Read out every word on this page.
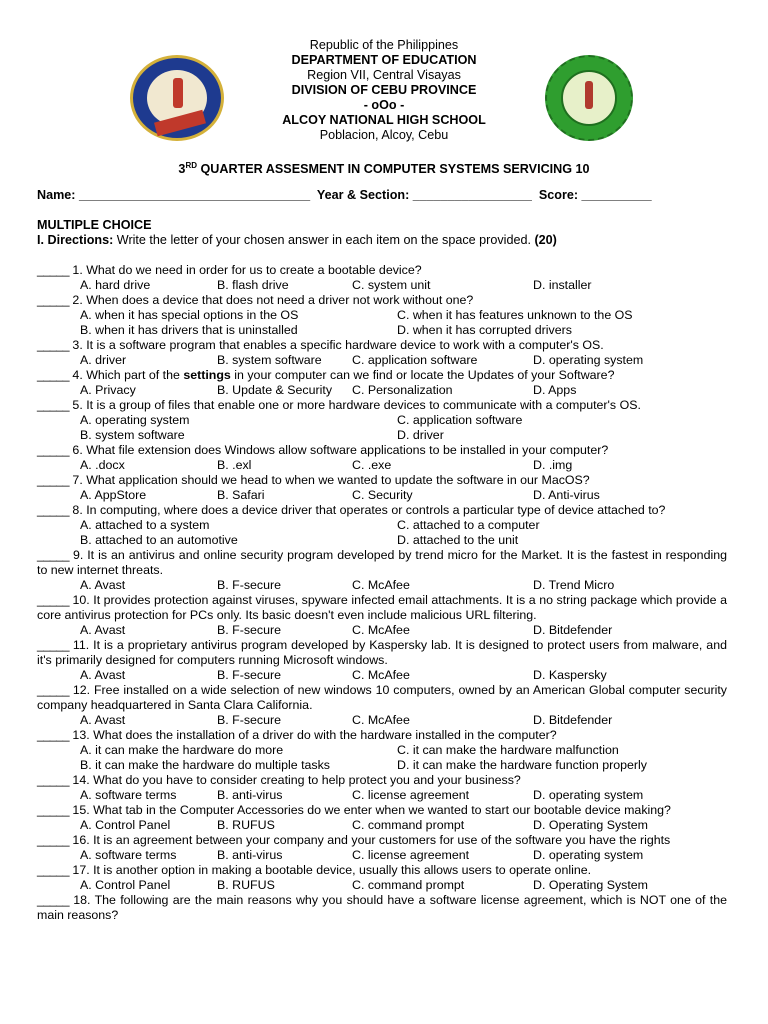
Republic of the Philippines
DEPARTMENT OF EDUCATION
Region VII, Central Visayas
DIVISION OF CEBU PROVINCE
- oOo -
ALCOY NATIONAL HIGH SCHOOL
Poblacion, Alcoy, Cebu
3RD QUARTER ASSESMENT IN COMPUTER SYSTEMS SERVICING 10
Name: _________________________________  Year & Section: _________________  Score: __________
MULTIPLE CHOICE
I. Directions: Write the letter of your chosen answer in each item on the space provided. (20)
_____ 1. What do we need in order for us to create a bootable device?
A. hard drive	B. flash drive	C. system unit	D. installer
_____ 2. When does a device that does not need a driver not work without one?
A. when it has special options in the OS	C. when it has features unknown to the OS
B. when it has drivers that is uninstalled	D. when it has corrupted drivers
_____ 3. It is a software program that enables a specific hardware device to work with a computer's OS.
A. driver	B. system software C. application software	D. operating system
_____ 4. Which part of the settings in your computer can we find or locate the Updates of your Software?
A. Privacy	B. Update & Security C. Personalization	D. Apps
_____ 5. It is a group of files that enable one or more hardware devices to communicate with a computer's OS.
A. operating system	C. application software
B. system software	D. driver
_____ 6. What file extension does Windows allow software applications to be installed in your computer?
A. .docx	B. .exl	C. .exe	D. .img
_____ 7. What application should we head to when we wanted to update the software in our MacOS?
A. AppStore	B. Safari	C. Security	D. Anti-virus
_____ 8. In computing, where does a device driver that operates or controls a particular type of device attached to?
A. attached to a system	C. attached to a computer
B. attached to an automotive	D. attached to the unit
_____ 9. It is an antivirus and online security program developed by trend micro for the Market. It is the fastest in responding to new internet threats.
A. Avast	B. F-secure	C. McAfee	D. Trend Micro
_____ 10. It provides protection against viruses, spyware infected email attachments. It is a no string package which provide a core antivirus protection for PCs only. Its basic doesn't even include malicious URL filtering.
A. Avast	B. F-secure	C. McAfee	D. Bitdefender
_____ 11. It is a proprietary antivirus program developed by Kaspersky lab. It is designed to protect users from malware, and it's primarily designed for computers running Microsoft windows.
A. Avast	B. F-secure	C. McAfee	D. Kaspersky
_____ 12. Free installed on a wide selection of new windows 10 computers, owned by an American Global computer security company headquartered in Santa Clara California.
A. Avast	B. F-secure	C. McAfee	D. Bitdefender
_____ 13. What does the installation of a driver do with the hardware installed in the computer?
A. it can make the hardware do more	C. it can make the hardware malfunction
B. it can make the hardware do multiple tasks	D. it can make the hardware function properly
_____ 14. What do you have to consider creating to help protect you and your business?
A. software terms	B. anti-virus	C. license agreement	D. operating system
_____ 15. What tab in the Computer Accessories do we enter when we wanted to start our bootable device making?
A. Control Panel	B. RUFUS	C. command prompt	D. Operating System
_____ 16. It is an agreement between your company and your customers for use of the software you have the rights
A. software terms	B. anti-virus	C. license agreement	D. operating system
_____ 17. It is another option in making a bootable device, usually this allows users to operate online.
A. Control Panel	B. RUFUS	C. command prompt	D. Operating System
_____ 18. The following are the main reasons why you should have a software license agreement, which is NOT one of the main reasons?
